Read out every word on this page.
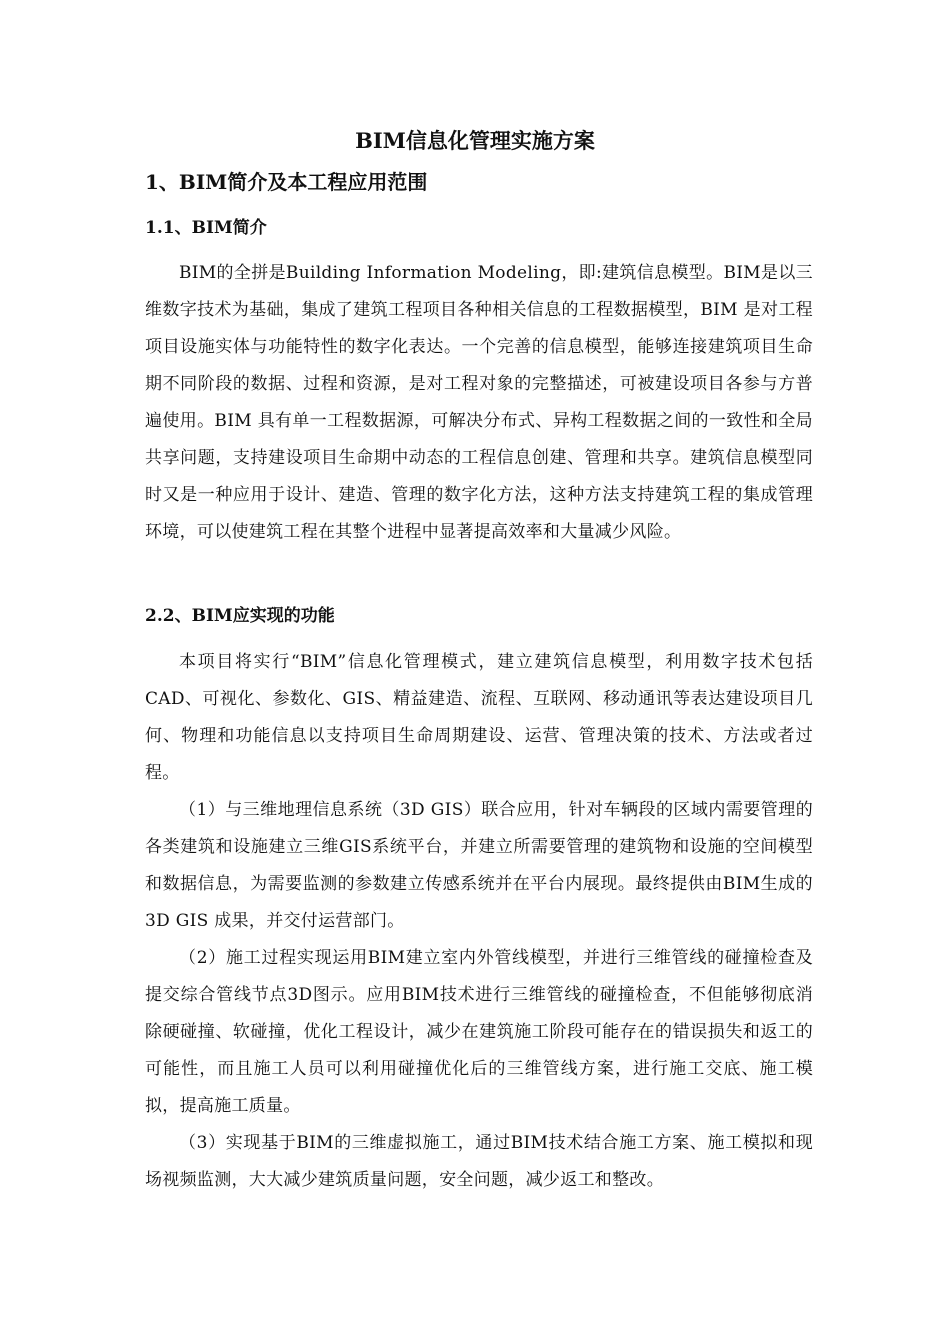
BIM信息化管理实施方案
1、BIM简介及本工程应用范围
1.1、BIM简介

BIM的全拼是Building Information Modeling，即:建筑信息模型。BIM是以三维数字技术为基础，集成了建筑工程项目各种相关信息的工程数据模型，BIM 是对工程项目设施实体与功能特性的数字化表达。一个完善的信息模型，能够连接建筑项目生命期不同阶段的数据、过程和资源，是对工程对象的完整描述，可被建设项目各参与方普遍使用。BIM 具有单一工程数据源，可解决分布式、异构工程数据之间的一致性和全局共享问题，支持建设项目生命期中动态的工程信息创建、管理和共享。建筑信息模型同时又是一种应用于设计、建造、管理的数字化方法，这种方法支持建筑工程的集成管理环境，可以使建筑工程在其整个进程中显著提高效率和大量减少风险。

2.2、BIM应实现的功能

本项目将实行“BIM”信息化管理模式，建立建筑信息模型，利用数字技术包括CAD、可视化、参数化、GIS、精益建造、流程、互联网、移动通讯等表达建设项目几何、物理和功能信息以支持项目生命周期建设、运营、管理决策的技术、方法或者过程。

（1）与三维地理信息系统（3D GIS）联合应用，针对车辆段的区域内需要管理的各类建筑和设施建立三维GIS系统平台，并建立所需要管理的建筑物和设施的空间模型和数据信息，为需要监测的参数建立传感系统并在平台内展现。最终提供由BIM生成的3D GIS 成果，并交付运营部门。

（2）施工过程实现运用BIM建立室内外管线模型，并进行三维管线的碰撞检查及提交综合管线节点3D图示。应用BIM技术进行三维管线的碰撞检查，不但能够彻底消除硬碰撞、软碰撞，优化工程设计，减少在建筑施工阶段可能存在的错误损失和返工的可能性，而且施工人员可以利用碰撞优化后的三维管线方案，进行施工交底、施工模拟，提高施工质量。

（3）实现基于BIM的三维虚拟施工，通过BIM技术结合施工方案、施工模拟和现场视频监测，大大减少建筑质量问题，安全问题，减少返工和整改。
